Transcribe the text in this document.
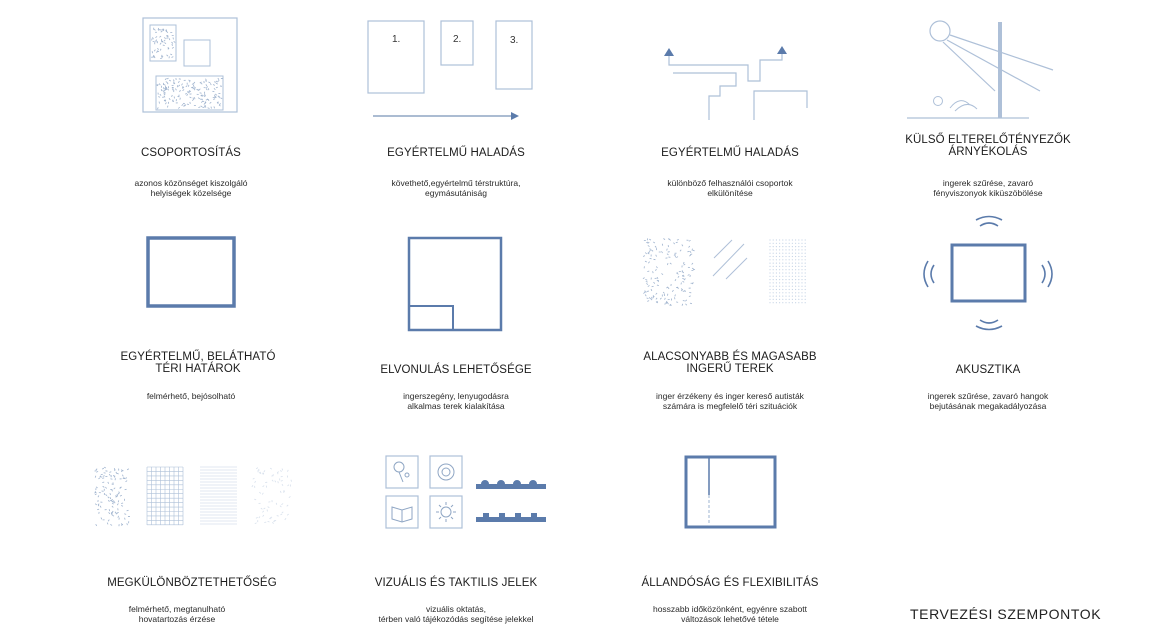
CSOPORTOSÍTÁS
azonos közönséget kiszolgáló
helyiségek közelsége
1.	2.	3.
EGYÉRTELMŰ HALADÁS
követhető,egyértelmű térstruktúra,
egymásutániság
EGYÉRTELMŰ HALADÁS
különböző felhasználói csoportok
elkülönítése
KÜLSŐ ELTERELŐTÉNYEZŐK
ÁRNYÉKOLÁS
ingerek szűrése, zavaró
fényviszonyok kiküszöbölése
EGYÉRTELMŰ, BELÁTHATÓ
TÉRI HATÁROK
felmérhető, bejósolható
ELVONULÁS LEHETŐSÉGE
ingerszegény, lenyugodásra
alkalmas terek kialakítása
ALACSONYABB ÉS MAGASABB
INGERŰ TEREK
inger érzékeny és inger kereső autisták
számára is megfelelő téri szituációk
AKUSZTIKA
ingerek szűrése, zavaró hangok
bejutásának megakadályozása
MEGKÜLÖNBÖZTETHETŐSÉG
felmérhető, megtanulható
hovatartozás érzése
VIZUÁLIS ÉS TAKTILIS JELEK
vizuális oktatás,
térben való tájékozódás segítése jelekkel
ÁLLANDÓSÁG ÉS FLEXIBILITÁS
hosszabb időközönként, egyénre szabott
változások lehetővé tétele	TERVEZÉSI SZEMPONTOK
